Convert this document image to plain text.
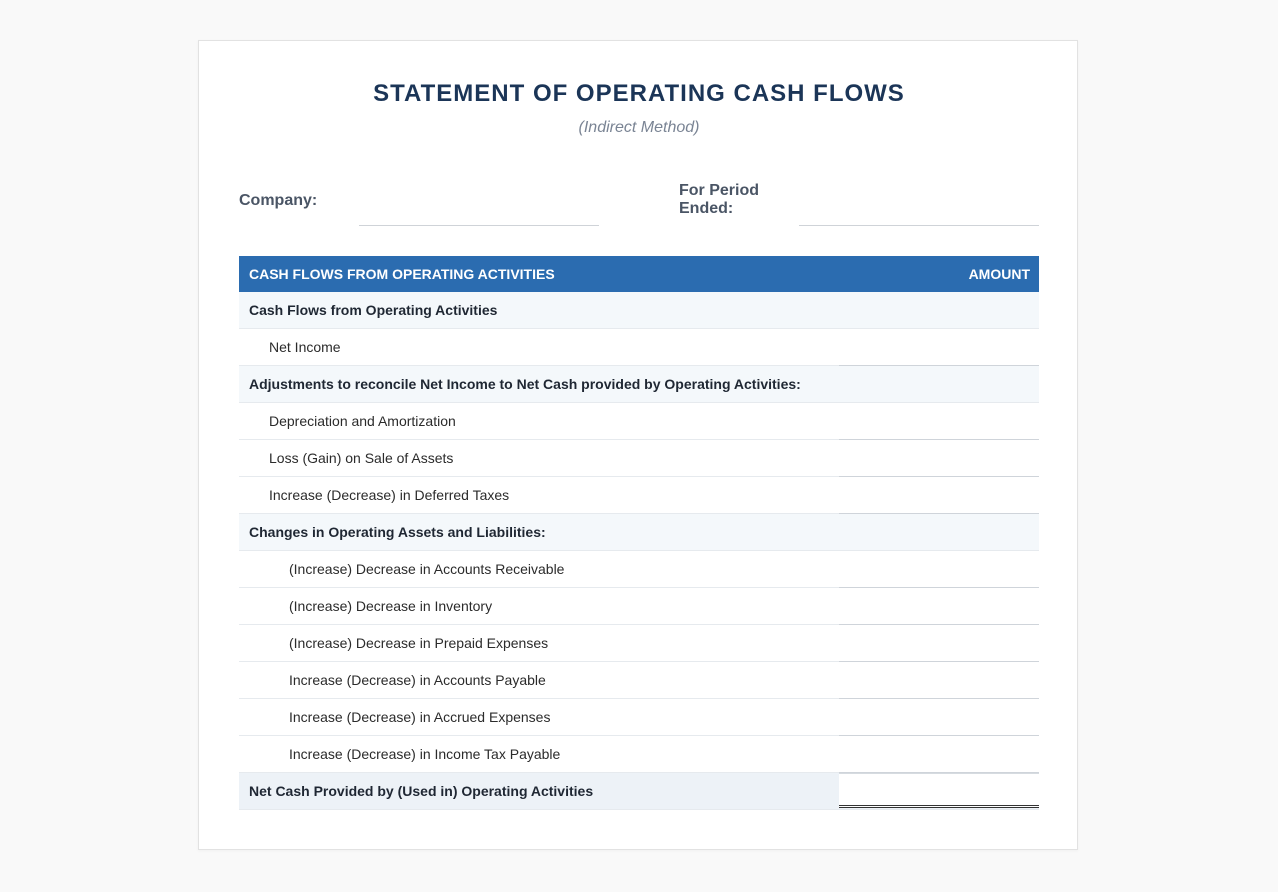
STATEMENT OF OPERATING CASH FLOWS

(Indirect Method)

Company:
For Period Ended:
CASH FLOWS FROM OPERATING ACTIVITIES	AMOUNT
Cash Flows from Operating Activities
Net Income
Adjustments to reconcile Net Income to Net Cash provided by Operating Activities:
Depreciation and Amortization
Loss (Gain) on Sale of Assets
Increase (Decrease) in Deferred Taxes
Changes in Operating Assets and Liabilities:
(Increase) Decrease in Accounts Receivable
(Increase) Decrease in Inventory
(Increase) Decrease in Prepaid Expenses
Increase (Decrease) in Accounts Payable
Increase (Decrease) in Accrued Expenses
Increase (Decrease) in Income Tax Payable
Net Cash Provided by (Used in) Operating Activities
